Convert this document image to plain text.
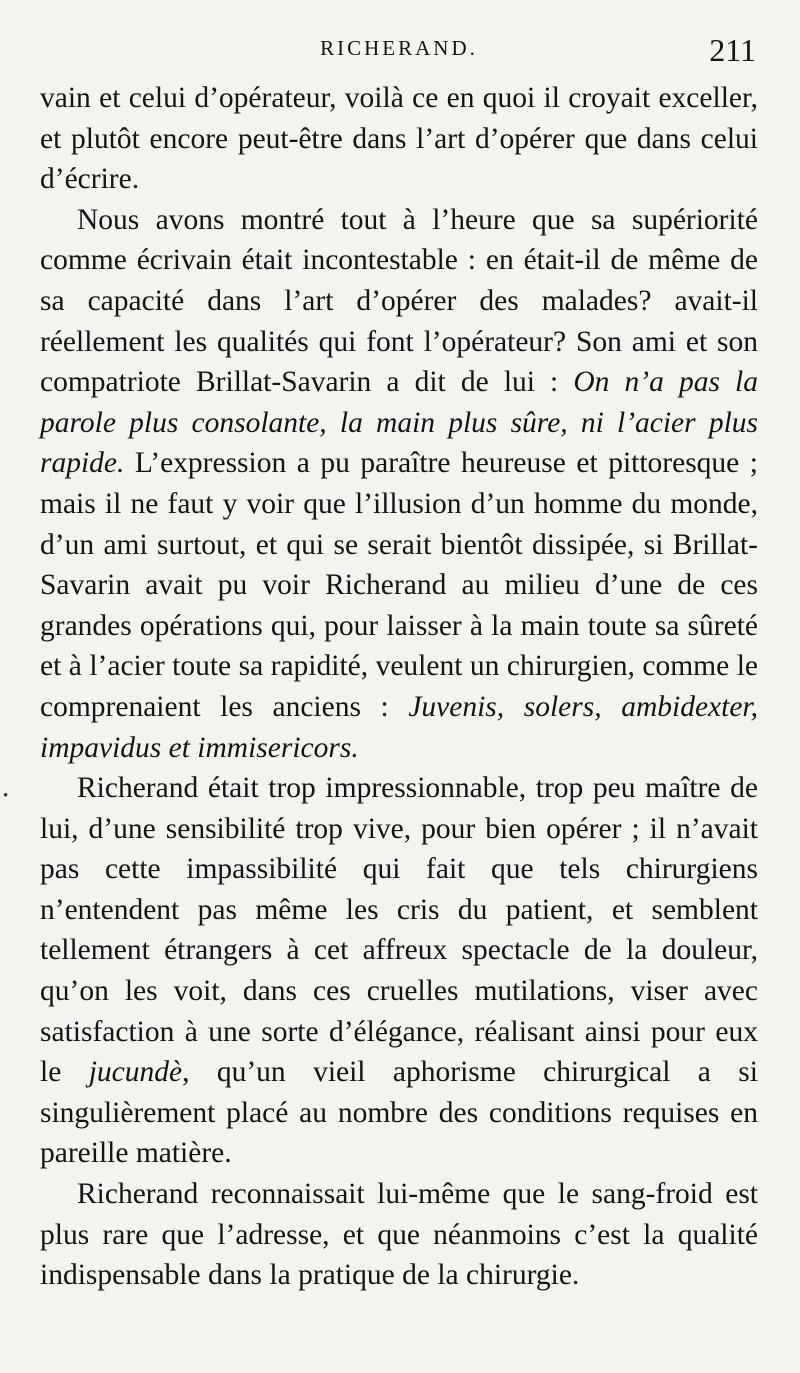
RICHERAND.	211

vain et celui d’opérateur, voilà ce en quoi il croyait exceller, et plutôt encore peut-être dans l’art d’opérer que dans celui d’écrire.

Nous avons montré tout à l’heure que sa supériorité comme écrivain était incontestable : en était-il de même de sa capacité dans l’art d’opérer des malades? avait-il réellement les qualités qui font l’opérateur? Son ami et son compatriote Brillat-Savarin a dit de lui : On n’a pas la parole plus consolante, la main plus sûre, ni l’acier plus rapide. L’expression a pu paraître heureuse et pittoresque ; mais il ne faut y voir que l’illusion d’un homme du monde, d’un ami surtout, et qui se serait bientôt dissipée, si Brillat-Savarin avait pu voir Richerand au milieu d’une de ces grandes opérations qui, pour laisser à la main toute sa sûreté et à l’acier toute sa rapidité, veulent un chirurgien, comme le comprenaient les anciens : Juvenis, solers, ambidexter, impavidus et immisericors.

Richerand était trop impressionnable, trop peu maître de lui, d’une sensibilité trop vive, pour bien opérer ; il n’avait pas cette impassibilité qui fait que tels chirurgiens n’entendent pas même les cris du patient, et semblent tellement étrangers à cet affreux spectacle de la douleur, qu’on les voit, dans ces cruelles mutilations, viser avec satisfaction à une sorte d’élégance, réalisant ainsi pour eux le jucundè, qu’un vieil aphorisme chirurgical a si singulièrement placé au nombre des conditions requises en pareille matière.

Richerand reconnaissait lui-même que le sang-froid est plus rare que l’adresse, et que néanmoins c’est la qualité indispensable dans la pratique de la chirurgie.

•
